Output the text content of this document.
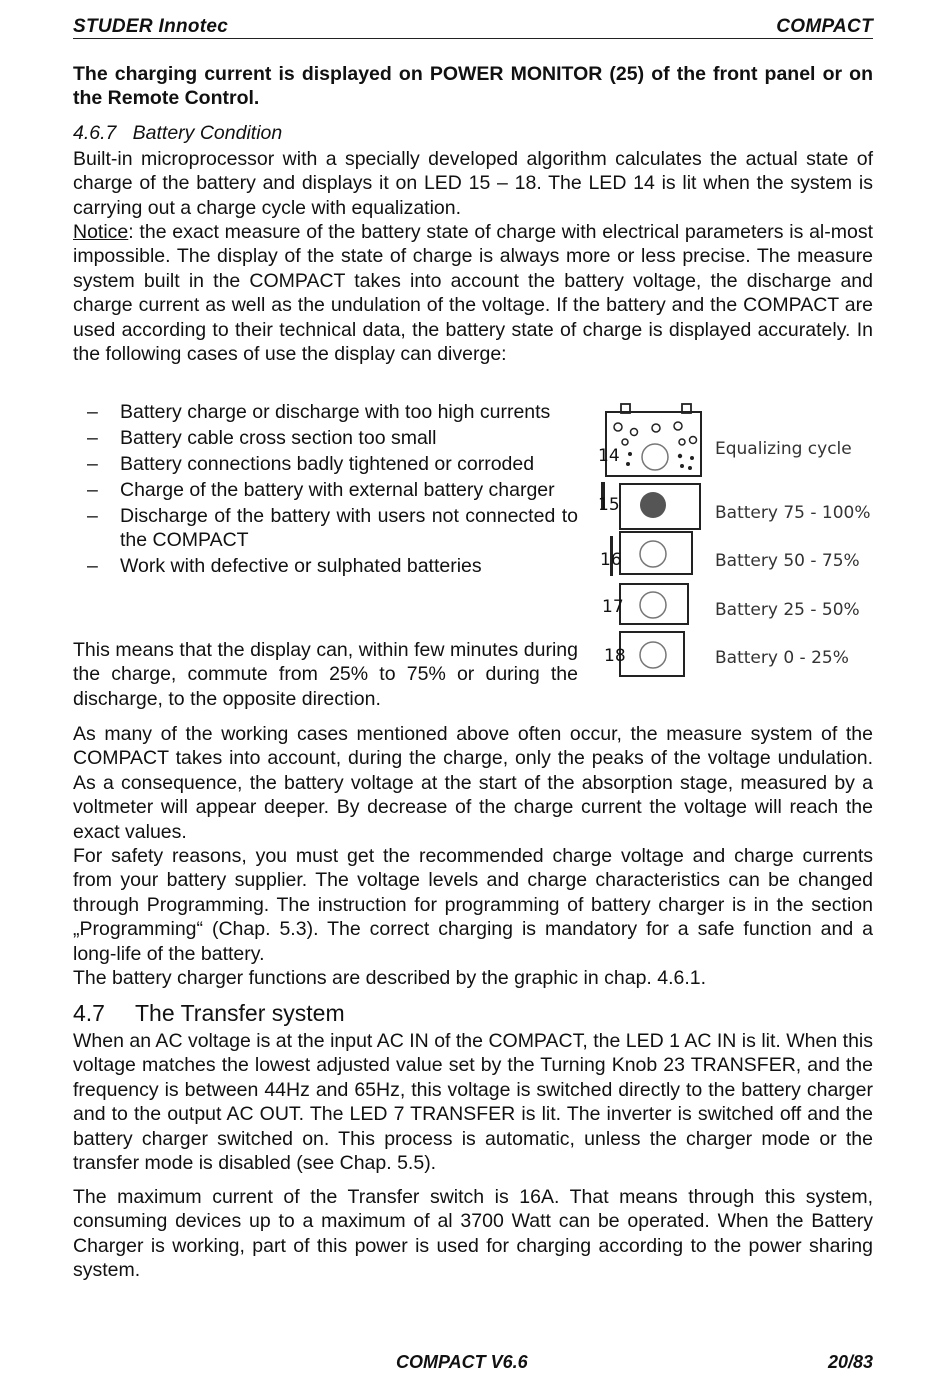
STUDER Innotec	COMPACT

The charging current is displayed on POWER MONITOR (25) of the front panel or on the Remote Control.

4.6.7 Battery Condition

Built-in microprocessor with a specially developed algorithm calculates the actual state of charge of the battery and displays it on LED 15 – 18. The LED 14 is lit when the system is carrying out a charge cycle with equalization.

Notice: the exact measure of the battery state of charge with electrical parameters is al-most impossible. The display of the state of charge is always more or less precise. The measure system built in the COMPACT takes into account the battery voltage, the discharge and charge current as well as the undulation of the voltage. If the battery and the COMPACT are used according to their technical data, the battery state of charge is displayed accurately. In the following cases of use the display can diverge:

– Battery charge or discharge with too high currents
– Battery cable cross section too small
– Battery connections badly tightened or corroded
– Charge of the battery with external battery charger
– Discharge of the battery with users not connected to the COMPACT
– Work with defective or sulphated batteries

This means that the display can, within few minutes during the charge, commute from 25% to 75% or during the discharge, to the opposite direction.

14	Equalizing cycle
15	Battery 75 - 100%
16	Battery 50 - 75%
17	Battery 25 - 50%
18	Battery 0 - 25%

As many of the working cases mentioned above often occur, the measure system of the COMPACT takes into account, during the charge, only the peaks of the voltage undulation. As a consequence, the battery voltage at the start of the absorption stage, measured by a voltmeter will appear deeper. By decrease of the charge current the voltage will reach the exact values.

For safety reasons, you must get the recommended charge voltage and charge currents from your battery supplier. The voltage levels and charge characteristics can be changed through Programming. The instruction for programming of battery charger is in the section „Programming“ (Chap. 5.3). The correct charging is mandatory for a safe function and a long-life of the battery.

The battery charger functions are described by the graphic in chap. 4.6.1.

4.7 The Transfer system

When an AC voltage is at the input AC IN of the COMPACT, the LED 1 AC IN is lit. When this voltage matches the lowest adjusted value set by the Turning Knob 23 TRANSFER, and the frequency is between 44Hz and 65Hz, this voltage is switched directly to the battery charger and to the output AC OUT. The LED 7 TRANSFER is lit. The inverter is switched off and the battery charger switched on. This process is automatic, unless the charger mode or the transfer mode is disabled (see Chap. 5.5).

The maximum current of the Transfer switch is 16A. That means through this system, consuming devices up to a maximum of al 3700 Watt can be operated. When the Battery Charger is working, part of this power is used for charging according to the power sharing system.

COMPACT V6.6	20/83
